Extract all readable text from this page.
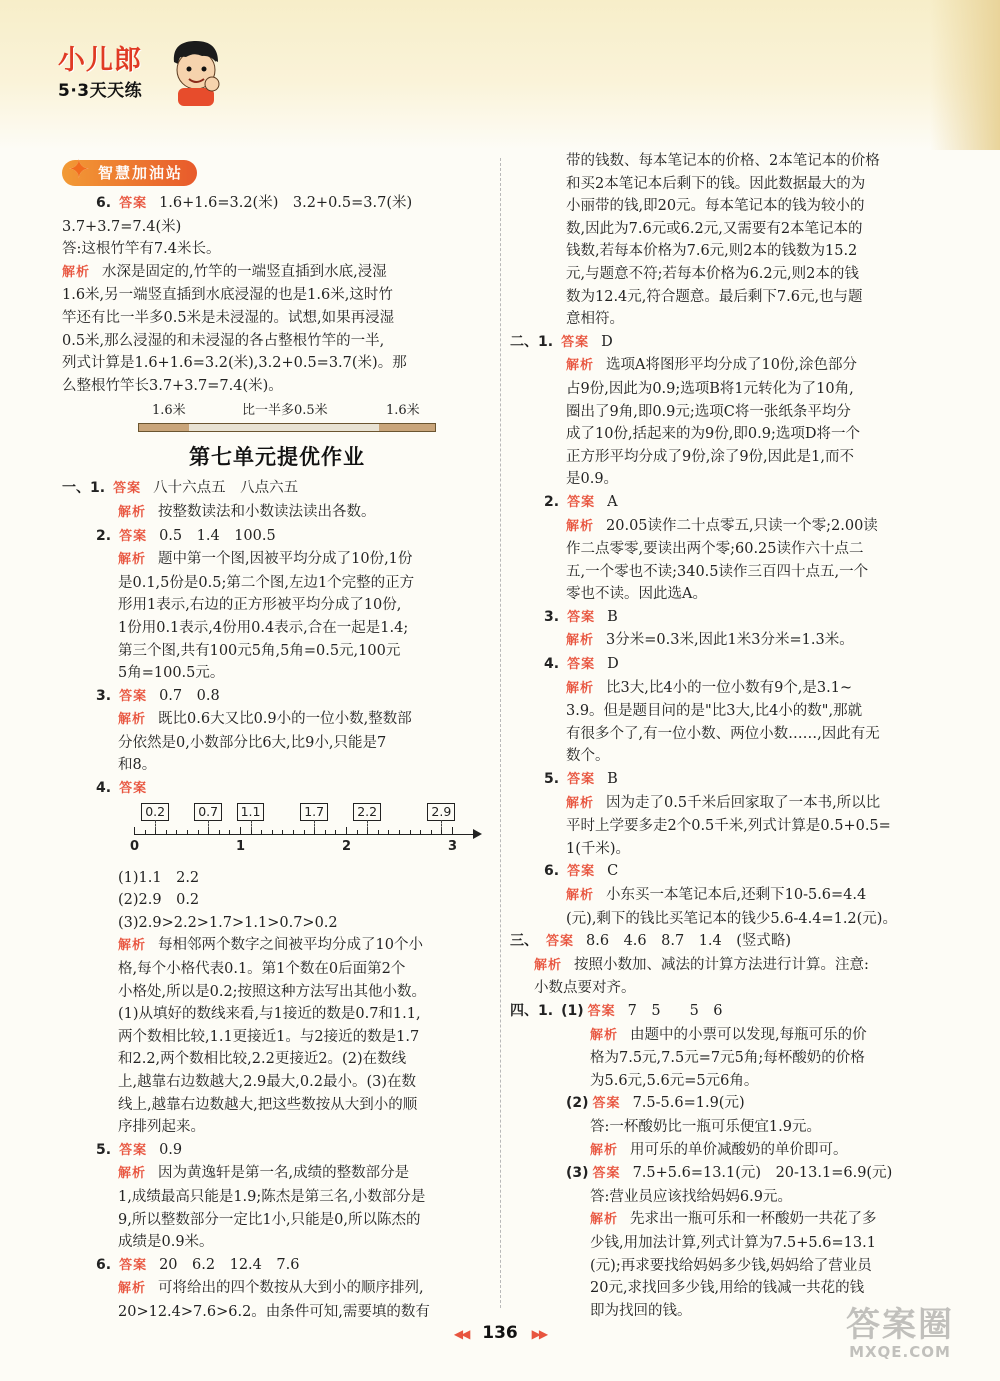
小儿郎
5·3天天练
✦ 智慧加油站
6. 答案 1.6+1.6=3.2(米)　3.2+0.5=3.7(米)
3.7+3.7=7.4(米)
答:这根竹竿有7.4米长。
解析 水深是固定的,竹竿的一端竖直插到水底,浸湿
1.6米,另一端竖直插到水底浸湿的也是1.6米,这时竹
竿还有比一半多0.5米是未浸湿的。试想,如果再浸湿
0.5米,那么浸湿的和未浸湿的各占整根竹竿的一半,
列式计算是1.6+1.6=3.2(米),3.2+0.5=3.7(米)。那
么整根竹竿长3.7+3.7=7.4(米)。
1.6米	比一半多0.5米	1.6米
第七单元提优作业
一、1. 答案 八十六点五　八点六五
解析 按整数读法和小数读法读出各数。
2. 答案 0.5　1.4　100.5
解析 题中第一个图,因被平均分成了10份,1份
是0.1,5份是0.5;第二个图,左边1个完整的正方
形用1表示,右边的正方形被平均分成了10份,
1份用0.1表示,4份用0.4表示,合在一起是1.4;
第三个图,共有100元5角,5角=0.5元,100元
5角=100.5元。
3. 答案 0.7　0.8
解析 既比0.6大又比0.9小的一位小数,整数部
分依然是0,小数部分比6大,比9小,只能是7
和8。
4. 答案
0	1	2	3
0.2	0.7	1.1	1.7	2.2	2.9
(1)1.1　2.2
(2)2.9　0.2
(3)2.9>2.2>1.7>1.1>0.7>0.2
解析 每相邻两个数字之间被平均分成了10个小
格,每个小格代表0.1。第1个数在0后面第2个
小格处,所以是0.2;按照这种方法写出其他小数。
(1)从填好的数线来看,与1接近的数是0.7和1.1,
两个数相比较,1.1更接近1。与2接近的数是1.7
和2.2,两个数相比较,2.2更接近2。(2)在数线
上,越靠右边数越大,2.9最大,0.2最小。(3)在数
线上,越靠右边数越大,把这些数按从大到小的顺
序排列起来。
5. 答案 0.9
解析 因为黄逸轩是第一名,成绩的整数部分是
1,成绩最高只能是1.9;陈杰是第三名,小数部分是
9,所以整数部分一定比1小,只能是0,所以陈杰的
成绩是0.9米。
6. 答案 20　6.2　12.4　7.6
解析 可将给出的四个数按从大到小的顺序排列,
20>12.4>7.6>6.2。由条件可知,需要填的数有
带的钱数、每本笔记本的价格、2本笔记本的价格
和买2本笔记本后剩下的钱。因此数据最大的为
小丽带的钱,即20元。每本笔记本的钱为较小的
数,因此为7.6元或6.2元,又需要有2本笔记本的
钱数,若每本价格为7.6元,则2本的钱数为15.2
元,与题意不符;若每本价格为6.2元,则2本的钱
数为12.4元,符合题意。最后剩下7.6元,也与题
意相符。
二、1. 答案 D
解析 选项A将图形平均分成了10份,涂色部分
占9份,因此为0.9;选项B将1元转化为了10角,
圈出了9角,即0.9元;选项C将一张纸条平均分
成了10份,括起来的为9份,即0.9;选项D将一个
正方形平均分成了9份,涂了9份,因此是1,而不
是0.9。
2. 答案 A
解析 20.05读作二十点零五,只读一个零;2.00读
作二点零零,要读出两个零;60.25读作六十点二
五,一个零也不读;340.5读作三百四十点五,一个
零也不读。因此选A。
3. 答案 B
解析 3分米=0.3米,因此1米3分米=1.3米。
4. 答案 D
解析 比3大,比4小的一位小数有9个,是3.1~
3.9。但是题目问的是"比3大,比4小的数",那就
有很多个了,有一位小数、两位小数……,因此有无
数个。
5. 答案 B
解析 因为走了0.5千米后回家取了一本书,所以比
平时上学要多走2个0.5千米,列式计算是0.5+0.5=
1(千米)。
6. 答案 C
解析 小东买一本笔记本后,还剩下10-5.6=4.4
(元),剩下的钱比买笔记本的钱少5.6-4.4=1.2(元)。
三、 答案 8.6　4.6　8.7　1.4　(竖式略)
解析 按照小数加、减法的计算方法进行计算。注意:
小数点要对齐。
四、1. (1) 答案 7　5　　5　6
解析 由题中的小票可以发现,每瓶可乐的价
格为7.5元,7.5元=7元5角;每杯酸奶的价格
为5.6元,5.6元=5元6角。
(2) 答案 7.5-5.6=1.9(元)
答:一杯酸奶比一瓶可乐便宜1.9元。
解析 用可乐的单价减酸奶的单价即可。
(3) 答案 7.5+5.6=13.1(元)　20-13.1=6.9(元)
答:营业员应该找给妈妈6.9元。
解析 先求出一瓶可乐和一杯酸奶一共花了多
少钱,用加法计算,列式计算为7.5+5.6=13.1
(元);再求要找给妈妈多少钱,妈妈给了营业员
20元,求找回多少钱,用给的钱减一共花的钱
即为找回的钱。
◀◀ 136 ▶▶	答案圈
MXQE.COM
